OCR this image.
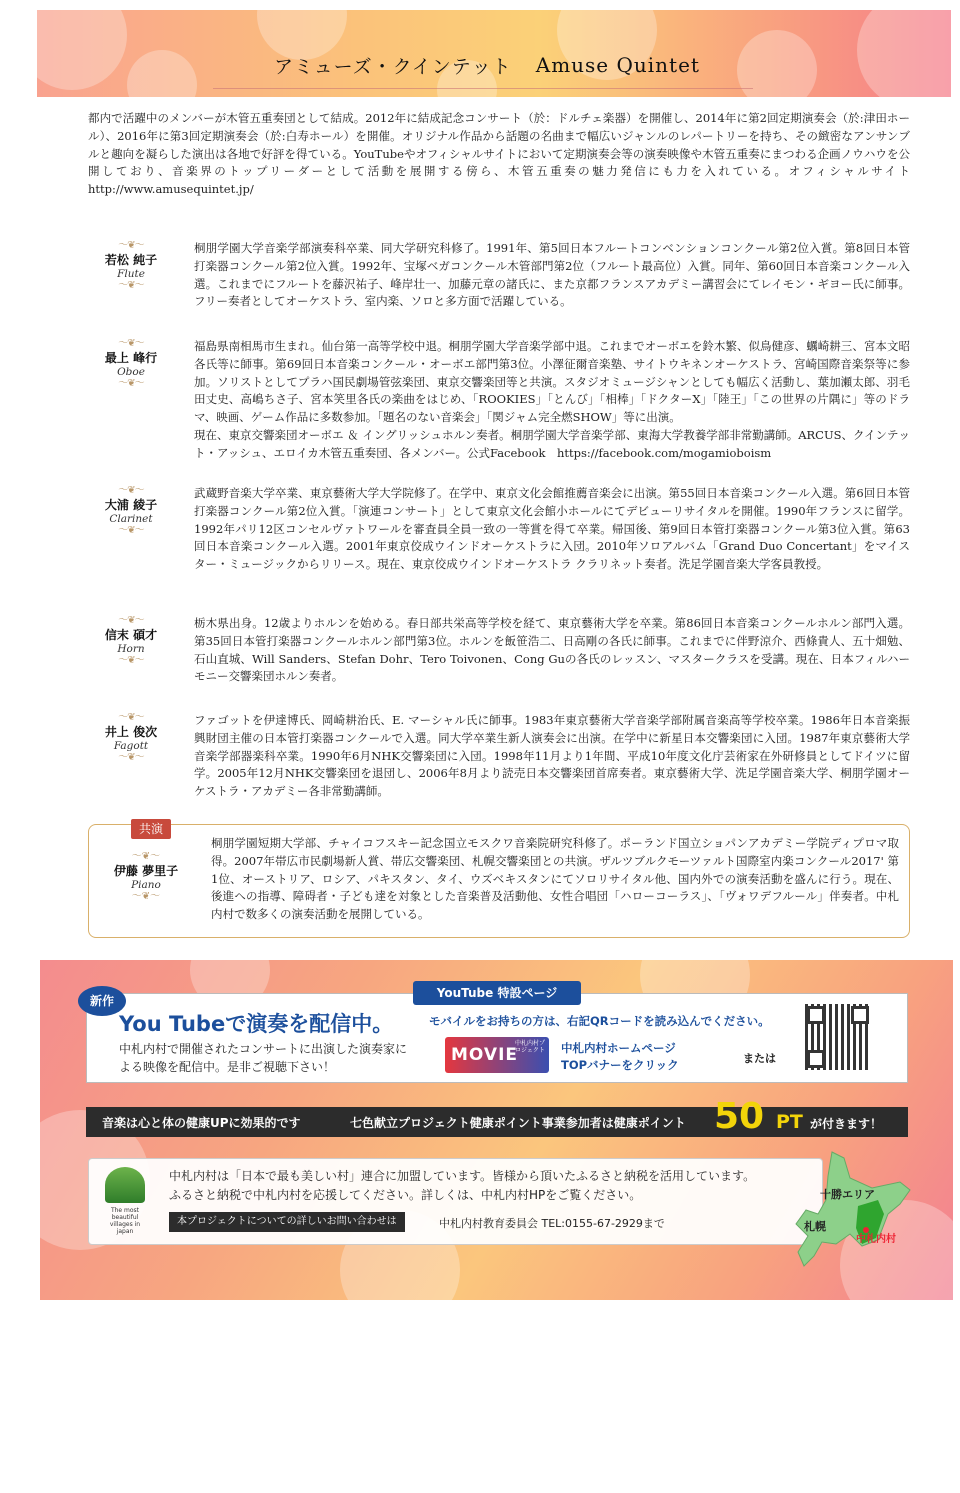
アミューズ・クインテット Amuse Quintet
都内で活躍中のメンバーが木管五重奏団として結成。2012年に結成記念コンサート（於：ドルチェ楽器）を開催し、2014年に第2回定期演奏会（於:津田ホール）、2016年に第3回定期演奏会（於:白寿ホール）を開催。オリジナル作品から話題の名曲まで幅広いジャンルのレパートリーを持ち、その緻密なアンサンブルと趣向を凝らした演出は各地で好評を得ている。YouTubeやオフィシャルサイトにおいて定期演奏会等の演奏映像や木管五重奏にまつわる企画ノウハウを公開しており、音楽界のトップリーダーとして活動を展開する傍ら、木管五重奏の魅力発信にも力を入れている。オフィシャルサイト　http://www.amusequintet.jp/
〜❦〜
若松 純子
Flute
〜❦〜
桐朋学園大学音楽学部演奏科卒業、同大学研究科修了。1991年、第5回日本フルートコンベンションコンクール第2位入賞。第8回日本管打楽器コンクール第2位入賞。1992年、宝塚ベガコンクール木管部門第2位（フルート最高位）入賞。同年、第60回日本音楽コンクール入選。これまでにフルートを藤沢祐子、峰岸壮一、加藤元章の諸氏に、また京都フランスアカデミー講習会にてレイモン・ギヨー氏に師事。フリー奏者としてオーケストラ、室内楽、ソロと多方面で活躍している。
〜❦〜
最上 峰行
Oboe
〜❦〜
福島県南相馬市生まれ。仙台第一高等学校中退。桐朋学園大学音楽学部中退。これまでオーボエを鈴木繁、似鳥健彦、蠣崎耕三、宮本文昭各氏等に師事。第69回日本音楽コンクール・オーボエ部門第3位。小澤征爾音楽塾、サイトウキネンオーケストラ、宮崎国際音楽祭等に参加。ソリストとしてプラハ国民劇場管弦楽団、東京交響楽団等と共演。スタジオミュージシャンとしても幅広く活動し、葉加瀬太郎、羽毛田丈史、高嶋ちさ子、宮本笑里各氏の楽曲をはじめ、「ROOKIES」「とんび」「相棒」「ドクターX」「陸王」「この世界の片隅に」等のドラマ、映画、ゲーム作品に多数参加。「題名のない音楽会」「関ジャム完全燃SHOW」等に出演。
現在、東京交響楽団オーボエ ＆ イングリッシュホルン奏者。桐朋学園大学音楽学部、東海大学教養学部非常勤講師。ARCUS、クインテット・アッシュ、エロイカ木管五重奏団、各メンバー。公式Facebook　https://facebook.com/mogamioboism
〜❦〜
大浦 綾子
Clarinet
〜❦〜
武蔵野音楽大学卒業、東京藝術大学大学院修了。在学中、東京文化会館推薦音楽会に出演。第55回日本音楽コンクール入選。第6回日本管打楽器コンクール第2位入賞。「演連コンサート」として東京文化会館小ホールにてデビューリサイタルを開催。1990年フランスに留学。1992年パリ12区コンセルヴァトワールを審査員全員一致の一等賞を得て卒業。帰国後、第9回日本管打楽器コンクール第3位入賞。第63回日本音楽コンクール入選。2001年東京佼成ウインドオーケストラに入団。2010年ソロアルバム「Grand Duo Concertant」をマイスター・ミュージックからリリース。現在、東京佼成ウインドオーケストラ クラリネット奏者。洗足学園音楽大学客員教授。
〜❦〜
信末 碩才
Horn
〜❦〜
栃木県出身。12歳よりホルンを始める。春日部共栄高等学校を経て、東京藝術大学を卒業。第86回日本音楽コンクールホルン部門入選。第35回日本管打楽器コンクールホルン部門第3位。ホルンを飯笹浩二、日高剛の各氏に師事。これまでに伴野涼介、西條貴人、五十畑勉、石山直城、Will Sanders、Stefan Dohr、Tero Toivonen、Cong Guの各氏のレッスン、マスタークラスを受講。現在、日本フィルハーモニー交響楽団ホルン奏者。
〜❦〜
井上 俊次
Fagott
〜❦〜
ファゴットを伊達博氏、岡崎耕治氏、E. マーシャル氏に師事。1983年東京藝術大学音楽学部附属音楽高等学校卒業。1986年日本音楽振興財団主催の日本管打楽器コンクールで入選。同大学卒業生新人演奏会に出演。在学中に新星日本交響楽団に入団。1987年東京藝術大学音楽学部器楽科卒業。1990年6月NHK交響楽団に入団。1998年11月より1年間、平成10年度文化庁芸術家在外研修員としてドイツに留学。2005年12月NHK交響楽団を退団し、2006年8月より読売日本交響楽団首席奏者。東京藝術大学、洗足学園音楽大学、桐朋学園オーケストラ・アカデミー各非常勤講師。
共演
〜❦〜
伊藤 夢里子
Piano
〜❦〜
桐朋学園短期大学部、チャイコフスキー記念国立モスクワ音楽院研究科修了。ポーランド国立ショパンアカデミー学院ディプロマ取得。2007年帯広市民劇場新人賞、帯広交響楽団、札幌交響楽団との共演。ザルツブルクモーツァルト国際室内楽コンクール2017' 第1位、オーストリア、ロシア、パキスタン、タイ、ウズベキスタンにてソロリサイタル他、国内外での演奏活動を盛んに行う。現在、後進への指導、障碍者・子ども達を対象とした音楽普及活動他、女性合唱団「ハローコーラス」、「ヴォワデフルール」伴奏者。中札内村で数多くの演奏活動を展開している。
YouTube 特設ページ
You Tubeで演奏を配信中。
中札内村で開催されたコンサートに出演した演奏家による映像を配信中。是非ご視聴下さい！
モバイルをお持ちの方は、右記QRコードを読み込んでください。
MOVIE
中札内村プロジェクト 中札内村ホームページ
TOPバナーをクリック	または
新作
音楽は心と体の健康UPに効果的です	七色献立プロジェクト健康ポイント事業参加者は健康ポイント 50 PT が付きます！
The most beautiful villages in japan
中札内村は「日本で最も美しい村」連合に加盟しています。皆様から頂いたふるさと納税を活用しています。
ふるさと納税で中札内村を応援してください。詳しくは、中札内村HPをご覧ください。
本プロジェクトについての詳しいお問い合わせは	中札内村教育委員会 TEL:0155-67-2929まで
十勝エリア
札幌
中札内村
